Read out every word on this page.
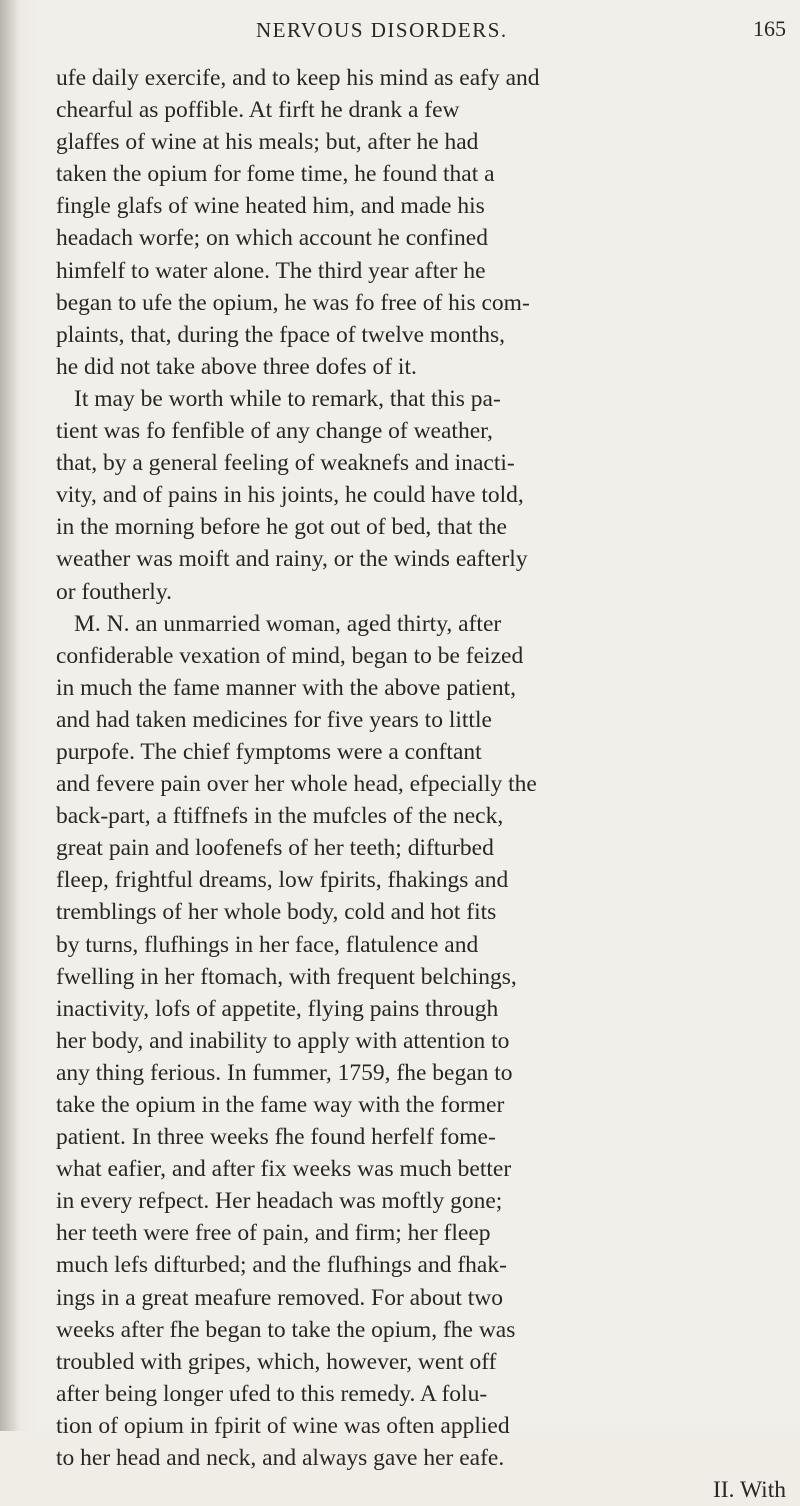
NERVOUS DISORDERS.	165
ufe daily exercife, and to keep his mind as eafy and
chearful as poffible. At firft he drank a few
glaffes of wine at his meals; but, after he had
taken the opium for fome time, he found that a
fingle glafs of wine heated him, and made his
headach worfe; on which account he confined
himfelf to water alone. The third year after he
began to ufe the opium, he was fo free of his com-
plaints, that, during the fpace of twelve months,
he did not take above three dofes of it.
It may be worth while to remark, that this pa-
tient was fo fenfible of any change of weather,
that, by a general feeling of weaknefs and inacti-
vity, and of pains in his joints, he could have told,
in the morning before he got out of bed, that the
weather was moift and rainy, or the winds eafterly
or foutherly.
M. N. an unmarried woman, aged thirty, after
confiderable vexation of mind, began to be feized
in much the fame manner with the above patient,
and had taken medicines for five years to little
purpofe. The chief fymptoms were a conftant
and fevere pain over her whole head, efpecially the
back-part, a ftiffnefs in the mufcles of the neck,
great pain and loofenefs of her teeth; difturbed
fleep, frightful dreams, low fpirits, fhakings and
tremblings of her whole body, cold and hot fits
by turns, flufhings in her face, flatulence and
fwelling in her ftomach, with frequent belchings,
inactivity, lofs of appetite, flying pains through
her body, and inability to apply with attention to
any thing ferious. In fummer, 1759, fhe began to
take the opium in the fame way with the former
patient. In three weeks fhe found herfelf fome-
what eafier, and after fix weeks was much better
in every refpect. Her headach was moftly gone;
her teeth were free of pain, and firm; her fleep
much lefs difturbed; and the flufhings and fhak-
ings in a great meafure removed. For about two
weeks after fhe began to take the opium, fhe was
troubled with gripes, which, however, went off
after being longer ufed to this remedy. A folu-
tion of opium in fpirit of wine was often applied
to her head and neck, and always gave her eafe.
II. With
